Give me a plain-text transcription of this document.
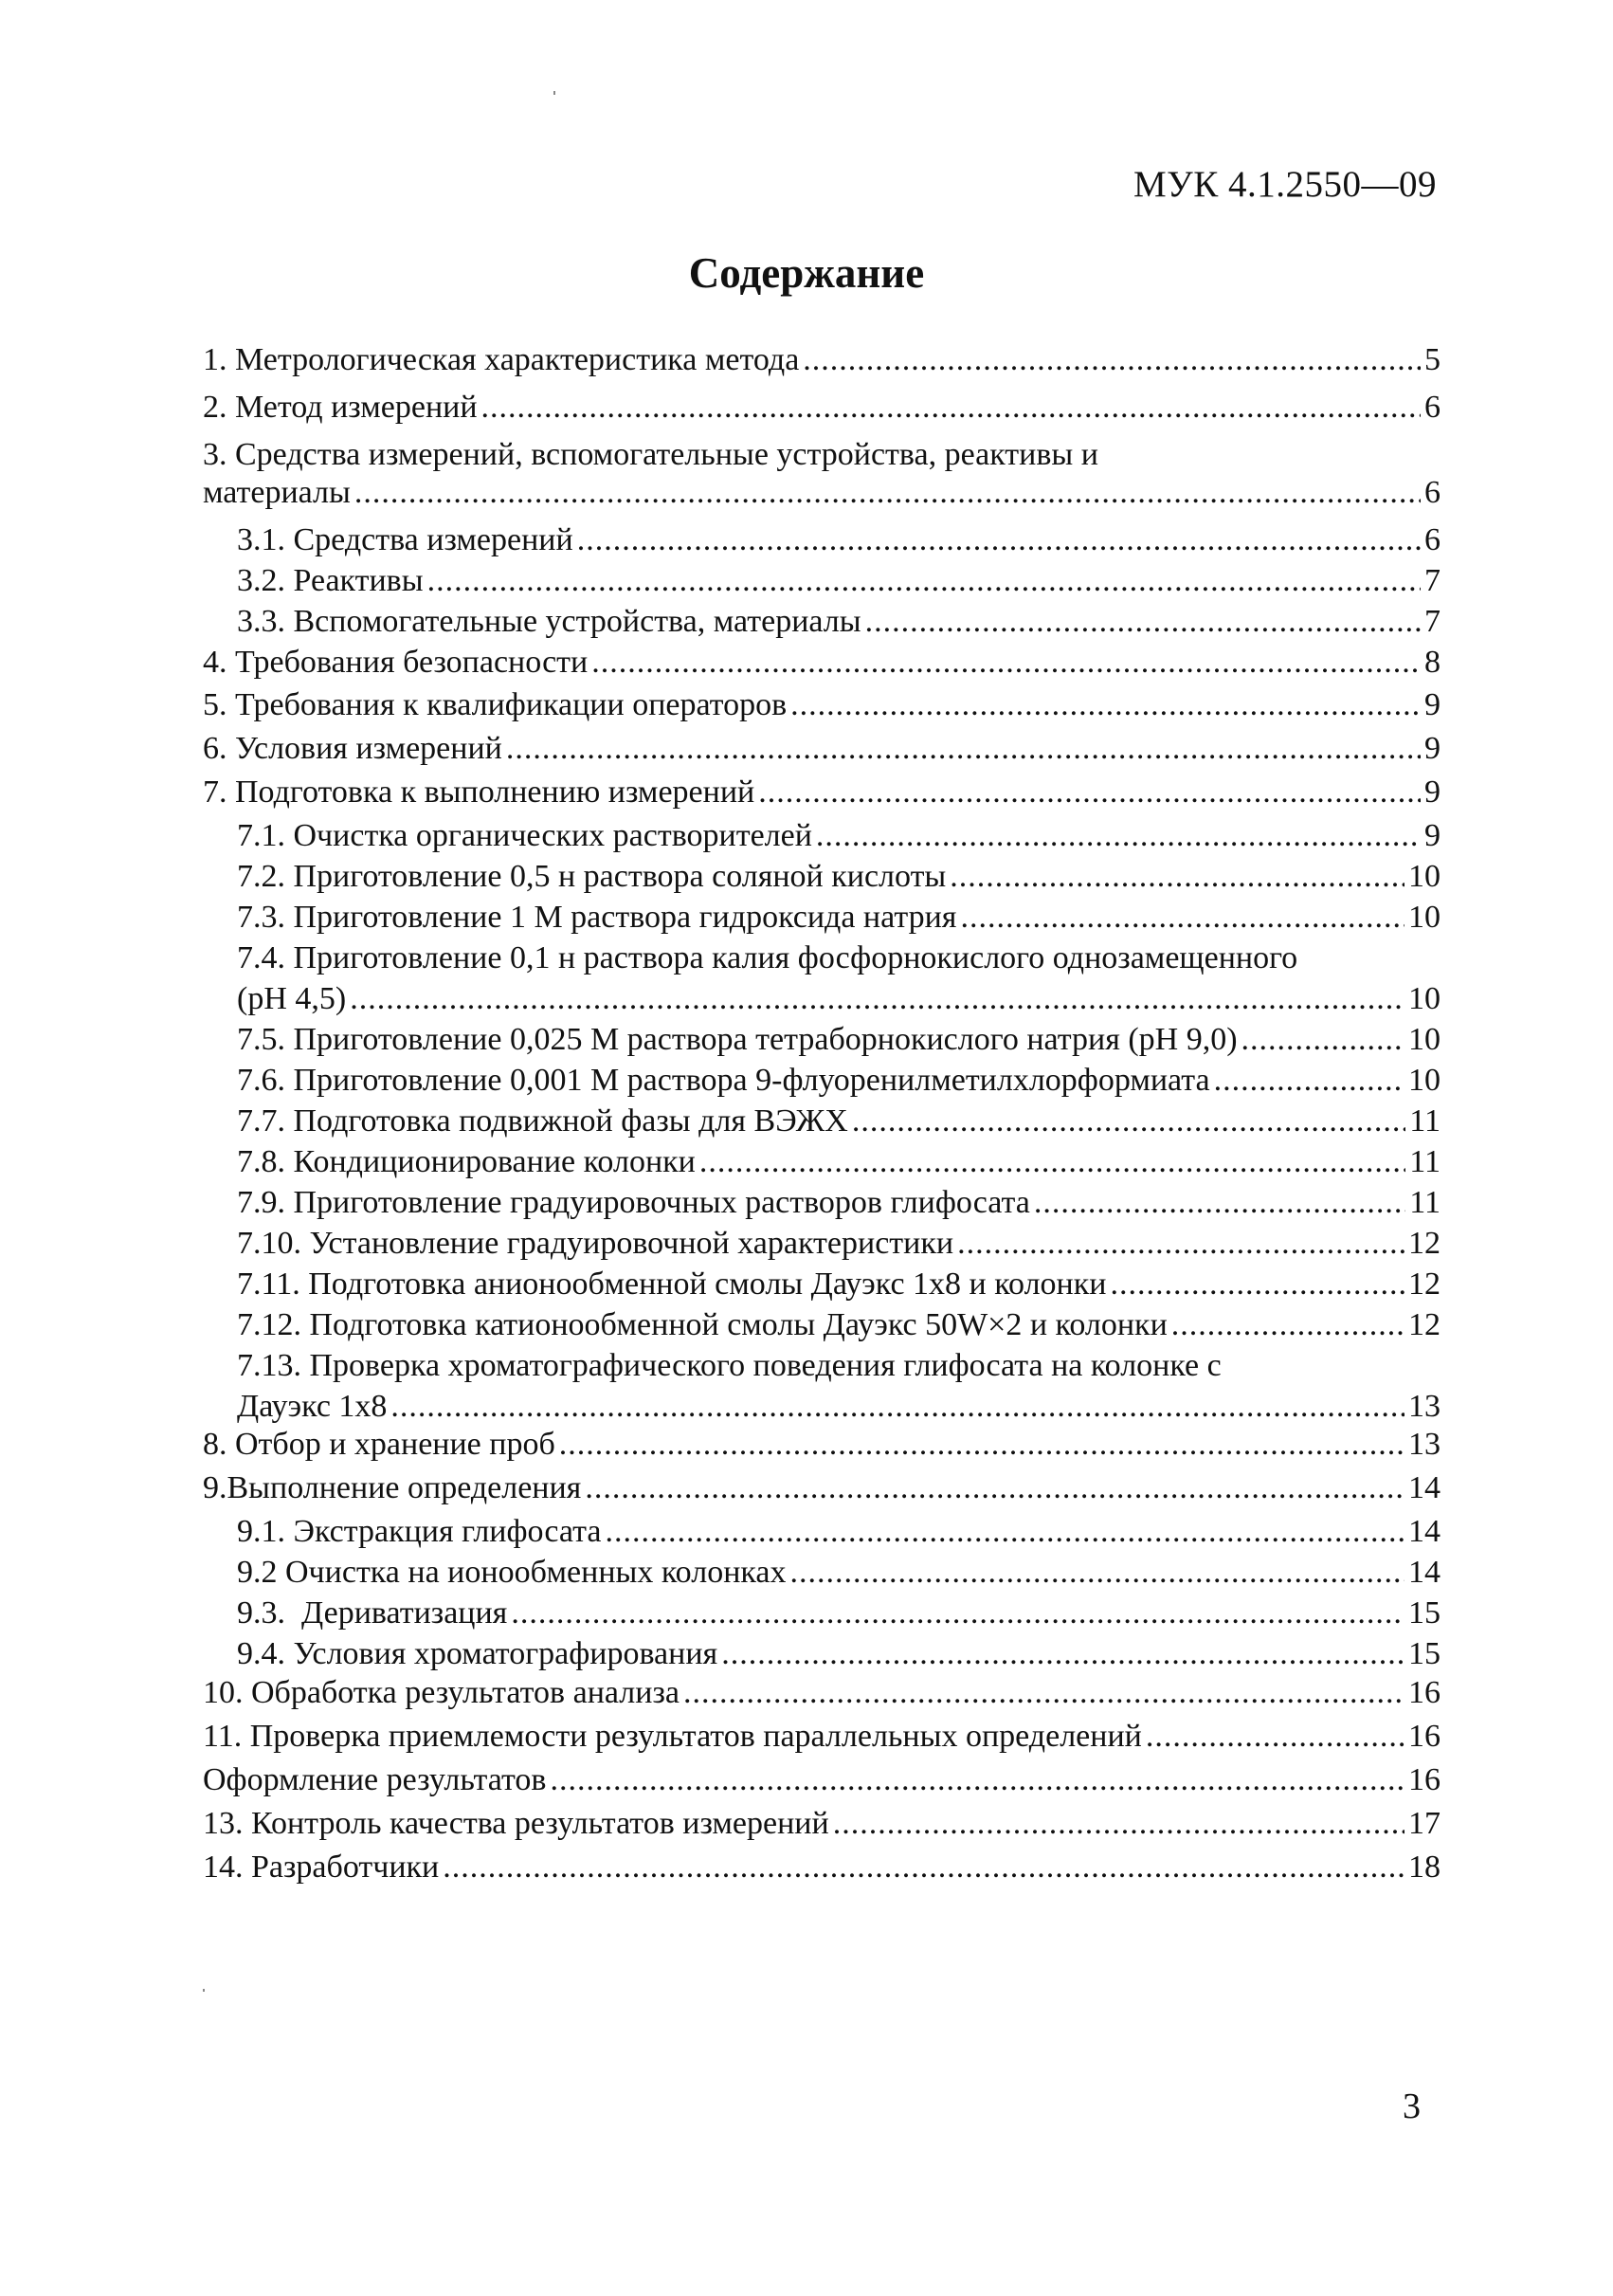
МУК 4.1.2550—09
Содержание
1. Метрологическая характеристика метода .....	5
2. Метод измерений .....	6
3. Средства измерений, вспомогательные устройства, реактивы и
материалы .....	6
3.1. Средства измерений .....	6
3.2. Реактивы .....	7
3.3. Вспомогательные устройства, материалы .....	7
4. Требования безопасности .....	8
5. Требования к квалификации операторов .....	9
6. Условия измерений .....	9
7. Подготовка к выполнению измерений .....	9
7.1. Очистка органических растворителей .....	9
7.2. Приготовление 0,5 н раствора соляной кислоты .....	10
7.3. Приготовление 1 М раствора гидроксида натрия .....	10
7.4. Приготовление 0,1 н раствора калия фосфорнокислого однозамещенного
(pH 4,5) .....	10
7.5. Приготовление 0,025 М раствора тетраборнокислого натрия (pH 9,0) .....	10
7.6. Приготовление 0,001 М раствора 9-флуоренилметилхлорформиата .....	10
7.7. Подготовка подвижной фазы для ВЭЖХ .....	11
7.8. Кондиционирование колонки .....	11
7.9. Приготовление градуировочных растворов глифосата .....	11
7.10. Установление градуировочной характеристики .....	12
7.11. Подготовка анионообменной смолы Дауэкс 1х8 и колонки .....	12
7.12. Подготовка катионообменной смолы Дауэкс 50W×2 и колонки .....	12
7.13. Проверка хроматографического поведения глифосата на колонке с
Дауэкс 1х8 .....	13
8. Отбор и хранение проб .....	13
9.Выполнение определения .....	14
9.1. Экстракция глифосата .....	14
9.2 Очистка на ионообменных колонках .....	14
9.3.  Дериватизация .....	15
9.4. Условия хроматографирования .....	15
10. Обработка результатов анализа .....	16
11. Проверка приемлемости результатов параллельных определений .....	16
Оформление результатов .....	16
13. Контроль качества результатов измерений .....	17
14. Разработчики .....	18
3
